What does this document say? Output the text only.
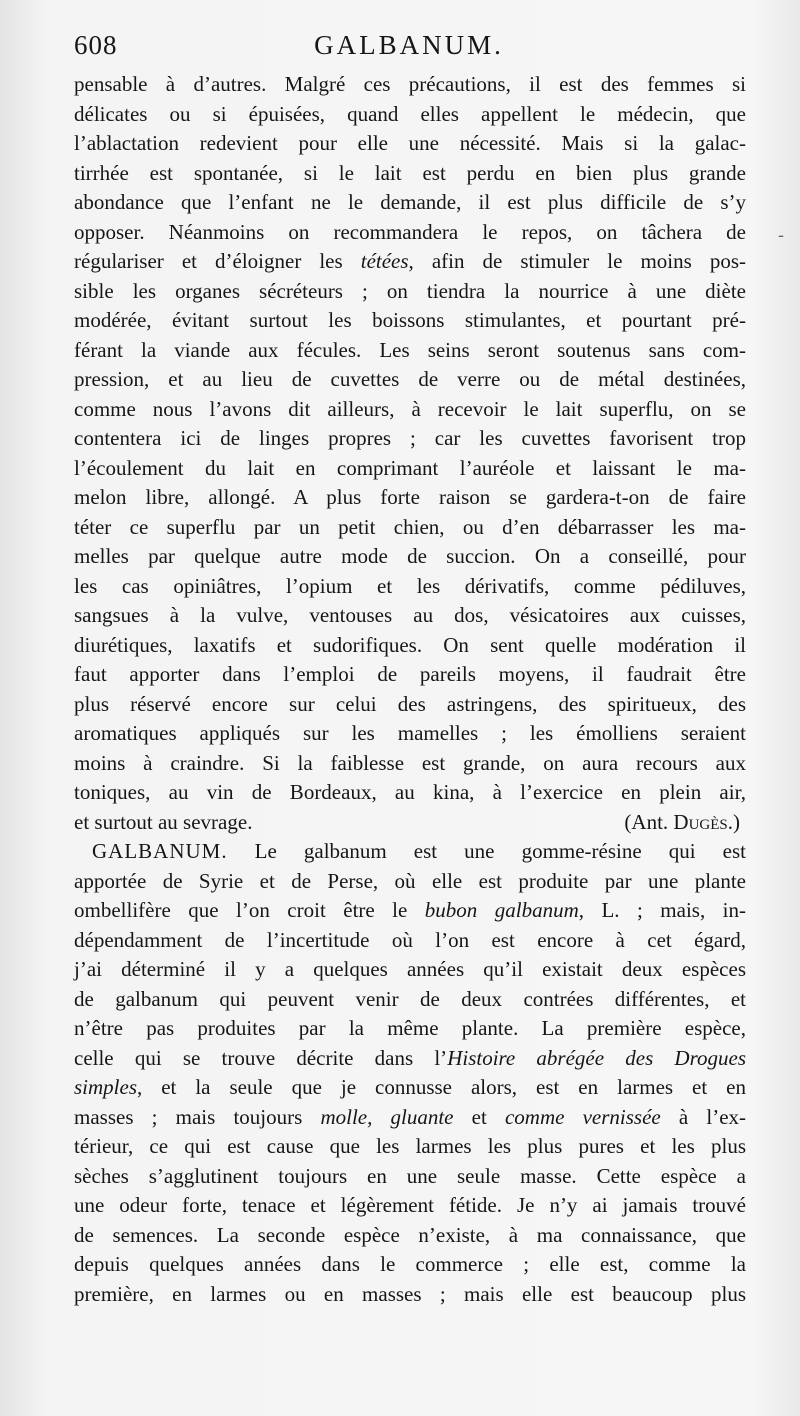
608	GALBANUM.
pensable à d’autres. Malgré ces précautions, il est des femmes si
délicates ou si épuisées, quand elles appellent le médecin, que
l’ablactation redevient pour elle une nécessité. Mais si la galac-
tirrhée est spontanée, si le lait est perdu en bien plus grande
abondance que l’enfant ne le demande, il est plus difficile de s’y
opposer. Néanmoins on recommandera le repos, on tâchera de
régulariser et d’éloigner les tétées, afin de stimuler le moins pos-
sible les organes sécréteurs ; on tiendra la nourrice à une diète
modérée, évitant surtout les boissons stimulantes, et pourtant pré-
férant la viande aux fécules. Les seins seront soutenus sans com-
pression, et au lieu de cuvettes de verre ou de métal destinées,
comme nous l’avons dit ailleurs, à recevoir le lait superflu, on se
contentera ici de linges propres ; car les cuvettes favorisent trop
l’écoulement du lait en comprimant l’auréole et laissant le ma-
melon libre, allongé. A plus forte raison se gardera-t-on de faire
téter ce superflu par un petit chien, ou d’en débarrasser les ma-
melles par quelque autre mode de succion. On a conseillé, pour
les cas opiniâtres, l’opium et les dérivatifs, comme pédiluves,
sangsues à la vulve, ventouses au dos, vésicatoires aux cuisses,
diurétiques, laxatifs et sudorifiques. On sent quelle modération il
faut apporter dans l’emploi de pareils moyens, il faudrait être
plus réservé encore sur celui des astringens, des spiritueux, des
aromatiques appliqués sur les mamelles ; les émolliens seraient
moins à craindre. Si la faiblesse est grande, on aura recours aux
toniques, au vin de Bordeaux, au kina, à l’exercice en plein air,
et surtout au sevrage.	(Ant. Dugès.)
GALBANUM. Le galbanum est une gomme-résine qui est
apportée de Syrie et de Perse, où elle est produite par une plante
ombellifère que l’on croit être le bubon galbanum, L. ; mais, in-
dépendamment de l’incertitude où l’on est encore à cet égard,
j’ai déterminé il y a quelques années qu’il existait deux espèces
de galbanum qui peuvent venir de deux contrées différentes, et
n’être pas produites par la même plante. La première espèce,
celle qui se trouve décrite dans l’Histoire abrégée des Drogues
simples, et la seule que je connusse alors, est en larmes et en
masses ; mais toujours molle, gluante et comme vernissée à l’ex-
térieur, ce qui est cause que les larmes les plus pures et les plus
sèches s’agglutinent toujours en une seule masse. Cette espèce a
une odeur forte, tenace et légèrement fétide. Je n’y ai jamais trouvé
de semences. La seconde espèce n’existe, à ma connaissance, que
depuis quelques années dans le commerce ; elle est, comme la
première, en larmes ou en masses ; mais elle est beaucoup plus
-
